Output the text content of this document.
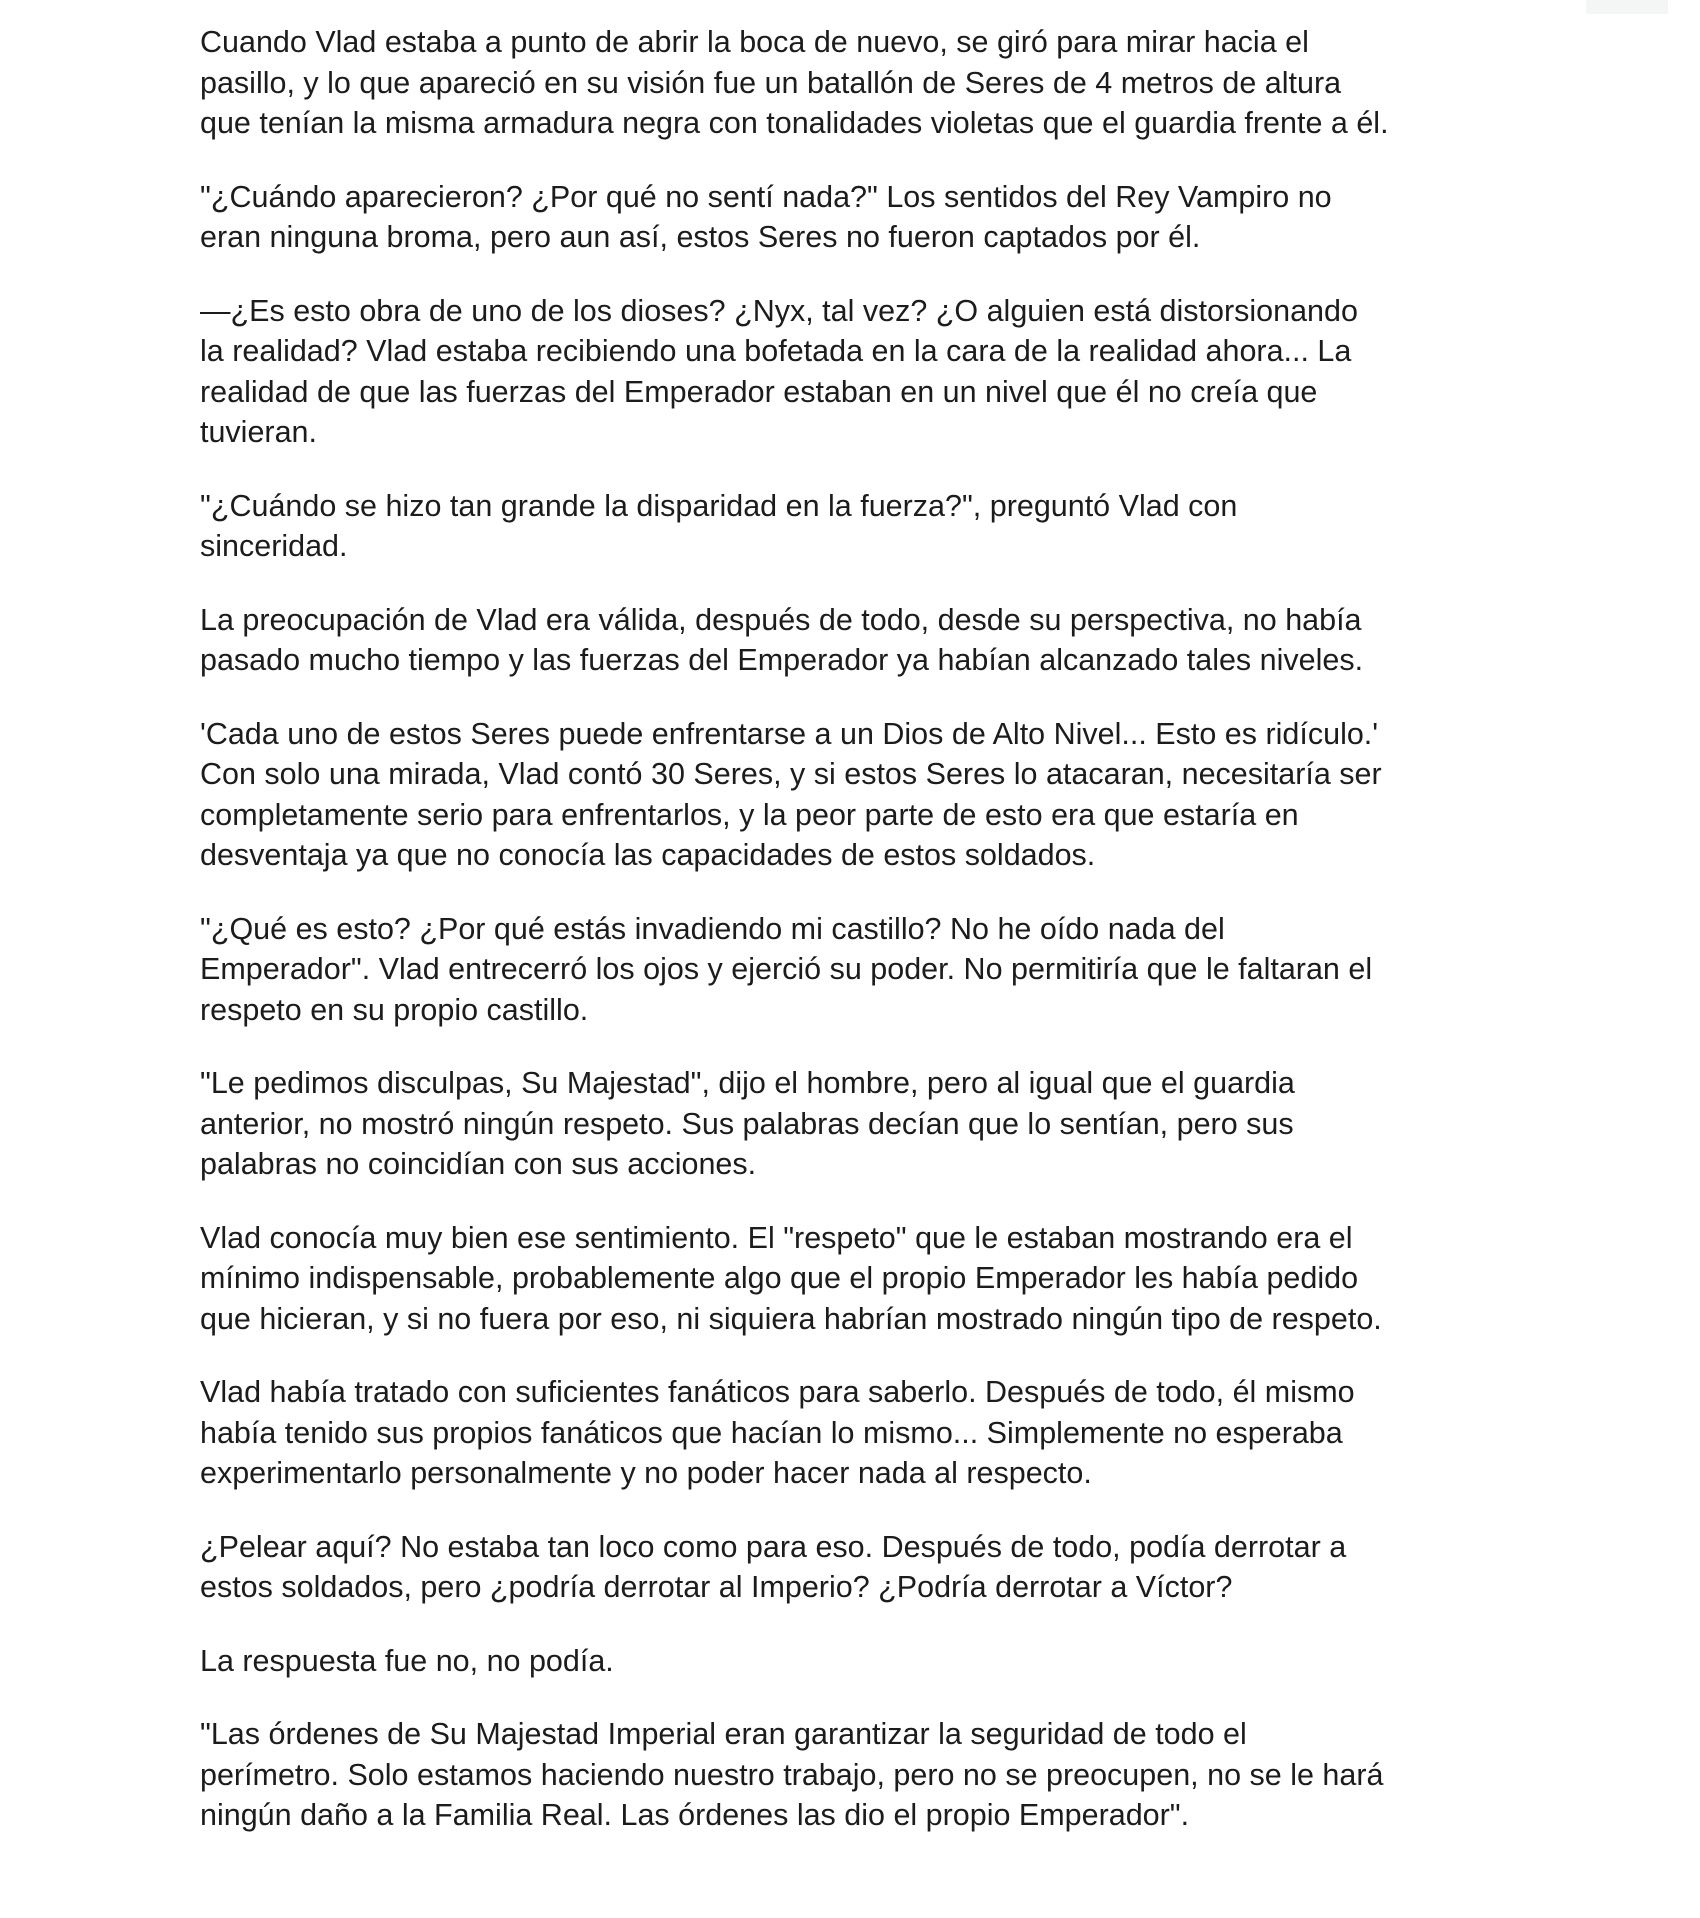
Cuando Vlad estaba a punto de abrir la boca de nuevo, se giró para mirar hacia el
pasillo, y lo que apareció en su visión fue un batallón de Seres de 4 metros de altura
que tenían la misma armadura negra con tonalidades violetas que el guardia frente a él.

"¿Cuándo aparecieron? ¿Por qué no sentí nada?" Los sentidos del Rey Vampiro no
eran ninguna broma, pero aun así, estos Seres no fueron captados por él.

—¿Es esto obra de uno de los dioses? ¿Nyx, tal vez? ¿O alguien está distorsionando
la realidad? Vlad estaba recibiendo una bofetada en la cara de la realidad ahora... La
realidad de que las fuerzas del Emperador estaban en un nivel que él no creía que
tuvieran.

"¿Cuándo se hizo tan grande la disparidad en la fuerza?", preguntó Vlad con
sinceridad.

La preocupación de Vlad era válida, después de todo, desde su perspectiva, no había
pasado mucho tiempo y las fuerzas del Emperador ya habían alcanzado tales niveles.

'Cada uno de estos Seres puede enfrentarse a un Dios de Alto Nivel... Esto es ridículo.'
Con solo una mirada, Vlad contó 30 Seres, y si estos Seres lo atacaran, necesitaría ser
completamente serio para enfrentarlos, y la peor parte de esto era que estaría en
desventaja ya que no conocía las capacidades de estos soldados.

"¿Qué es esto? ¿Por qué estás invadiendo mi castillo? No he oído nada del
Emperador". Vlad entrecerró los ojos y ejerció su poder. No permitiría que le faltaran el
respeto en su propio castillo.

"Le pedimos disculpas, Su Majestad", dijo el hombre, pero al igual que el guardia
anterior, no mostró ningún respeto. Sus palabras decían que lo sentían, pero sus
palabras no coincidían con sus acciones.

Vlad conocía muy bien ese sentimiento. El "respeto" que le estaban mostrando era el
mínimo indispensable, probablemente algo que el propio Emperador les había pedido
que hicieran, y si no fuera por eso, ni siquiera habrían mostrado ningún tipo de respeto.

Vlad había tratado con suficientes fanáticos para saberlo. Después de todo, él mismo
había tenido sus propios fanáticos que hacían lo mismo... Simplemente no esperaba
experimentarlo personalmente y no poder hacer nada al respecto.

¿Pelear aquí? No estaba tan loco como para eso. Después de todo, podía derrotar a
estos soldados, pero ¿podría derrotar al Imperio? ¿Podría derrotar a Víctor?

La respuesta fue no, no podía.

"Las órdenes de Su Majestad Imperial eran garantizar la seguridad de todo el
perímetro. Solo estamos haciendo nuestro trabajo, pero no se preocupen, no se le hará
ningún daño a la Familia Real. Las órdenes las dio el propio Emperador".
